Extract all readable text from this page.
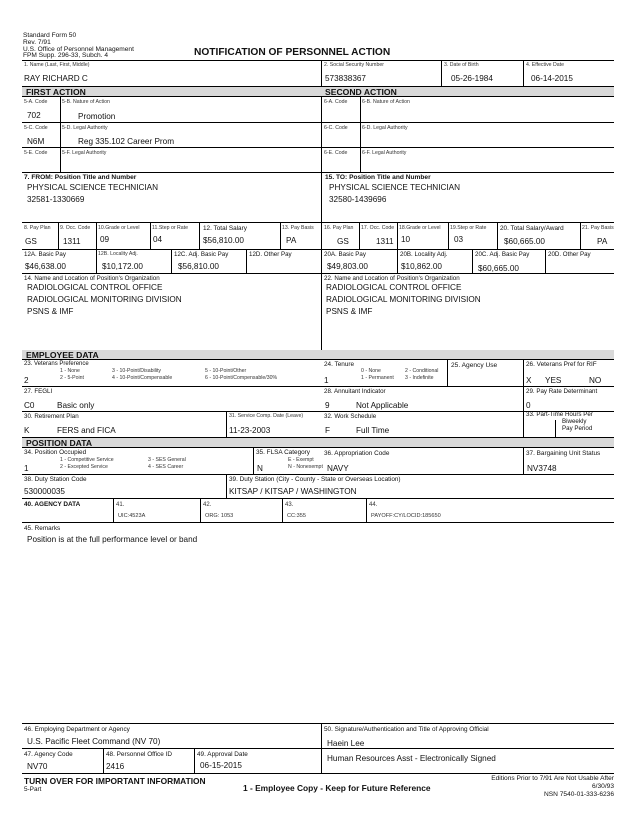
Standard Form 50
Rev. 7/91
U.S. Office of Personnel Management
FPM Supp. 296-33, Subch. 4	NOTIFICATION OF PERSONNEL ACTION
1. Name (Last, First, Middle)
RAY RICHARD C
2. Social Security Number
573838367
3. Date of Birth
05-26-1984
4. Effective Date
06-14-2015
FIRST ACTION	SECOND ACTION
5-A. Code
702
5-B. Nature of Action
Promotion
5-C. Code
N6M
5-D. Legal Authority
Reg 335.102 Career Prom
5-E. Code	5-F. Legal Authority
6-A. Code	6-B. Nature of Action
6-C. Code	6-D. Legal Authority
6-E. Code	6-F. Legal Authority
7. FROM: Position Title and Number
PHYSICAL SCIENCE TECHNICIAN
32581-1330669
15. TO: Position Title and Number
PHYSICAL SCIENCE TECHNICIAN
32580-1439696
8. Pay Plan
GS
9. Occ. Code
1311
10.Grade or Level
09
11.Step or Rate
04
12. Total Salary
$56,810.00
13. Pay Basis
PA
16. Pay Plan
GS
17. Occ. Code
1311
18.Grade or Level
10
19.Step or Rate
03
20. Total Salary/Award
$60,665.00
21. Pay Basis
PA
12A. Basic Pay
$46,638.00
12B. Locality Adj.
$10,172.00
12C. Adj. Basic Pay
$56,810.00
12D. Other Pay	20A. Basic Pay
$49,803.00
20B. Locality Adj.
$10,862.00
20C. Adj. Basic Pay
$60,665.00
20D. Other Pay
14. Name and Location of Position's Organization
RADIOLOGICAL CONTROL OFFICE
RADIOLOGICAL MONITORING DIVISION
PSNS & IMF
22. Name and Location of Position's Organization
RADIOLOGICAL CONTROL OFFICE
RADIOLOGICAL MONITORING DIVISION
PSNS & IMF
EMPLOYEE DATA
23. Veterans Preference
1 - None
2 - 5-Point
3 - 10-Point/Disability
4 - 10-Point/Compensable
5 - 10-Point/Other
6 - 10-Point/Compensable/30%
2
24. Tenure
0 - None
1 - Permanent
2 - Conditional
3 - Indefinite
1
25. Agency Use	26. Veterans Pref for RIF
X YES	NO
27. FEGLI
C0	Basic only
28. Annuitant Indicator
9	Not Applicable
29. Pay Rate Determinant
0
30. Retirement Plan
K	FERS and FICA
31. Service Comp. Date (Leave)
11-23-2003
32. Work Schedule
F	Full Time
33. Part-Time Hours Per
Biweekly
Pay Period
POSITION DATA
34. Position Occupied
1 - Competitive Service
2 - Excepted Service
3 - SES General
4 - SES Career
1
35. FLSA Category
E - Exempt
N - Nonexempt
N
36. Appropriation Code
NAVY
37. Bargaining Unit Status
NV3748
38. Duty Station Code
530000035
39. Duty Station (City - County - State or Overseas Location)
KITSAP / KITSAP / WASHINGTON
40. AGENCY DATA	41.
UIC:4523A
42.
ORG: 1053
43.
CC:355
44.
PAYOFF:CY/LOCID:185650
45. Remarks
Position is at the full performance level or band
46. Employing Department or Agency
U.S. Pacific Fleet Command (NV 70)
50. Signature/Authentication and Title of Approving Official
Haein Lee
Human Resources Asst - Electronically Signed
47. Agency Code
NV70
48. Personnel Office ID
2416
49. Approval Date
06-15-2015
TURN OVER FOR IMPORTANT INFORMATION
5-Part	1 - Employee Copy - Keep for Future Reference
Editions Prior to 7/91 Are Not Usable After
6/30/93
NSN 7540-01-333-6236
